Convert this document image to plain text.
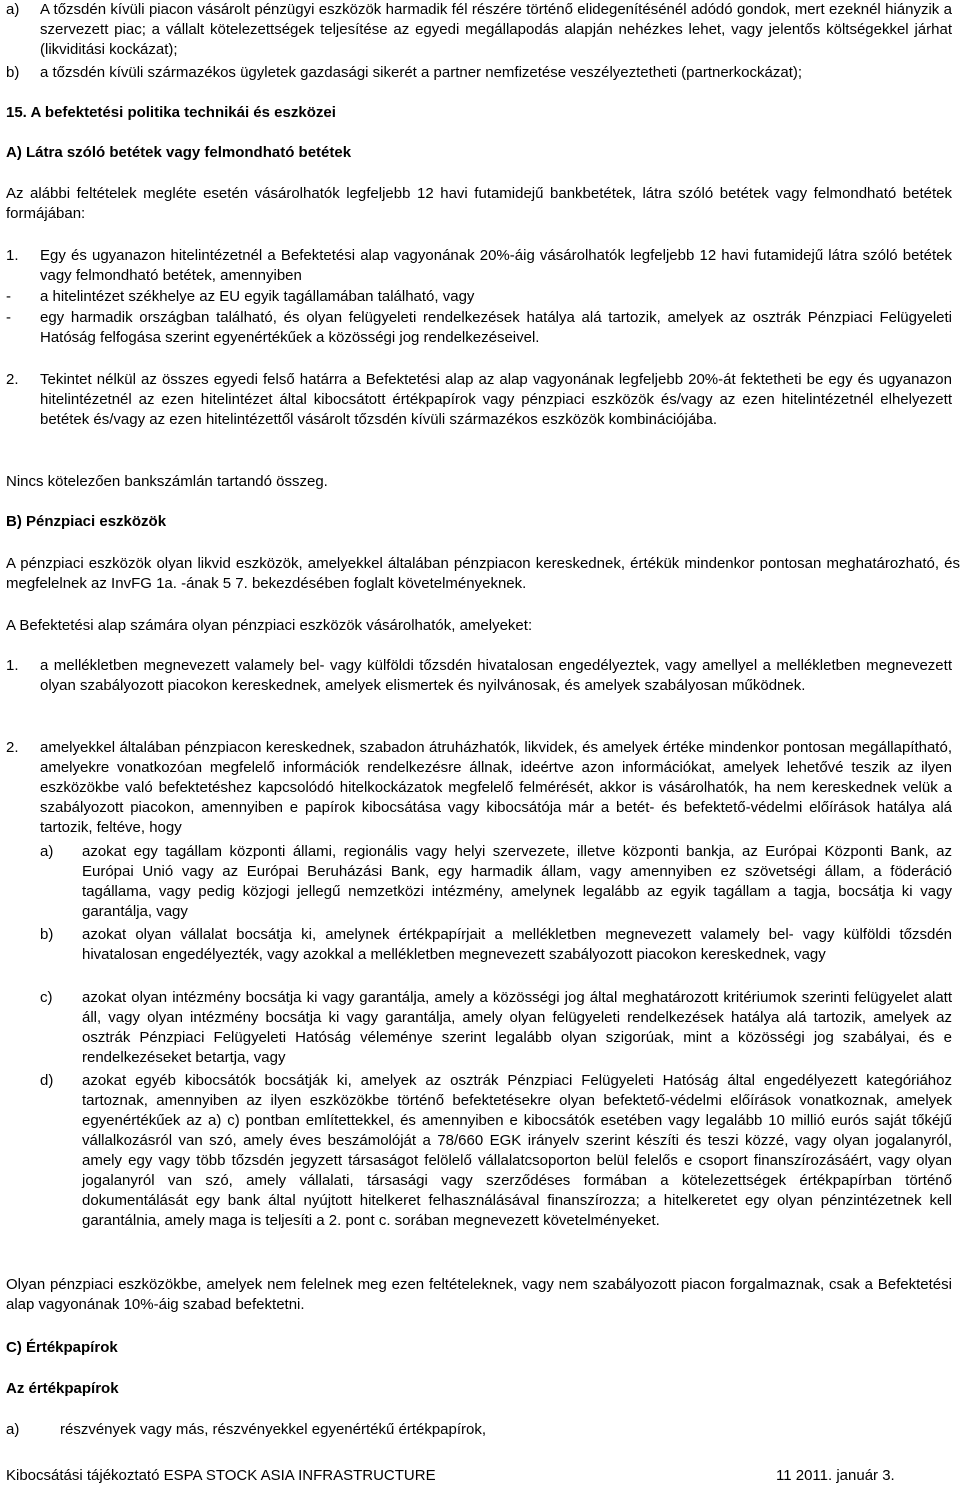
a)	A tőzsdén kívüli piacon vásárolt pénzügyi eszközök harmadik fél részére történő elidegenítésénél adódó gondok, mert ezeknél hiányzik a szervezett piac; a vállalt kötelezettségek teljesítése az egyedi megállapodás alapján nehézkes lehet, vagy jelentős költségekkel járhat (likviditási kockázat);
b)	a tőzsdén kívüli származékos ügyletek gazdasági sikerét a partner nemfizetése veszélyeztetheti (partnerkockázat);

15. A befektetési politika technikái és eszközei

A) Látra szóló betétek vagy felmondható betétek

Az alábbi feltételek megléte esetén vásárolhatók legfeljebb 12 havi futamidejű bankbetétek, látra szóló betétek vagy felmondható betétek formájában:

1.	Egy és ugyanazon hitelintézetnél a Befektetési alap vagyonának 20%-áig vásárolhatók legfeljebb 12 havi futamidejű látra szóló betétek vagy felmondható betétek, amennyiben
-	a hitelintézet székhelye az EU egyik tagállamában található, vagy
-	egy harmadik országban található, és olyan felügyeleti rendelkezések hatálya alá tartozik, amelyek az osztrák Pénzpiaci Felügyeleti Hatóság felfogása szerint egyenértékűek a közösségi jog rendelkezéseivel.
2.	Tekintet nélkül az összes egyedi felső határra a Befektetési alap az alap vagyonának legfeljebb 20%-át fektetheti be egy és ugyanazon hitelintézetnél az ezen hitelintézet által kibocsátott értékpapírok vagy pénzpiaci eszközök és/vagy az ezen hitelintézetnél elhelyezett betétek és/vagy az ezen hitelintézettől vásárolt tőzsdén kívüli származékos eszközök kombinációjába.

Nincs kötelezően bankszámlán tartandó összeg.

B) Pénzpiaci eszközök

A pénzpiaci eszközök olyan likvid eszközök, amelyekkel általában pénzpiacon kereskednek, értékük mindenkor pontosan meghatározható, és megfelelnek az InvFG 1a. -ának 5 7. bekezdésében foglalt követelményeknek.

A Befektetési alap számára olyan pénzpiaci eszközök vásárolhatók, amelyeket:

1.	a mellékletben megnevezett valamely bel- vagy külföldi tőzsdén hivatalosan engedélyeztek, vagy amellyel a mellékletben megnevezett olyan szabályozott piacokon kereskednek, amelyek elismertek és nyilvánosak, és amelyek szabályosan működnek.
2.	amelyekkel általában pénzpiacon kereskednek, szabadon átruházhatók, likvidek, és amelyek értéke mindenkor pontosan megállapítható, amelyekre vonatkozóan megfelelő információk rendelkezésre állnak, ideértve azon információkat, amelyek lehetővé teszik az ilyen eszközökbe való befektetéshez kapcsolódó hitelkockázatok megfelelő felmérését, akkor is vásárolhatók, ha nem kereskednek velük a szabályozott piacokon, amennyiben e papírok kibocsátása vagy kibocsátója már a betét- és befektető-védelmi előírások hatálya alá tartozik, feltéve, hogy
a)	azokat egy tagállam központi állami, regionális vagy helyi szervezete, illetve központi bankja, az Európai Központi Bank, az Európai Unió vagy az Európai Beruházási Bank, egy harmadik állam, vagy amennyiben ez szövetségi állam, a föderáció tagállama, vagy pedig közjogi jellegű nemzetközi intézmény, amelynek legalább az egyik tagállam a tagja, bocsátja ki vagy garantálja, vagy
b)	azokat olyan vállalat bocsátja ki, amelynek értékpapírjait a mellékletben megnevezett valamely bel- vagy külföldi tőzsdén hivatalosan engedélyezték, vagy azokkal a mellékletben megnevezett szabályozott piacokon kereskednek, vagy
c)	azokat olyan intézmény bocsátja ki vagy garantálja, amely a közösségi jog által meghatározott kritériumok szerinti felügyelet alatt áll, vagy olyan intézmény bocsátja ki vagy garantálja, amely olyan felügyeleti rendelkezések hatálya alá tartozik, amelyek az osztrák Pénzpiaci Felügyeleti Hatóság véleménye szerint legalább olyan szigorúak, mint a közösségi jog szabályai, és e rendelkezéseket betartja, vagy
d)	azokat egyéb kibocsátók bocsátják ki, amelyek az osztrák Pénzpiaci Felügyeleti Hatóság által engedélyezett kategóriához tartoznak, amennyiben az ilyen eszközökbe történő befektetésekre olyan befektető-védelmi előírások vonatkoznak, amelyek egyenértékűek az a) c) pontban említettekkel, és amennyiben e kibocsátók esetében vagy legalább 10 millió eurós saját tőkéjű vállalkozásról van szó, amely éves beszámolóját a 78/660 EGK irányelv szerint készíti és teszi közzé, vagy olyan jogalanyról, amely egy vagy több tőzsdén jegyzett társaságot felölelő vállalatcsoporton belül felelős e csoport finanszírozásáért, vagy olyan jogalanyról van szó, amely vállalati, társasági vagy szerződéses formában a kötelezettségek értékpapírban történő dokumentálását egy bank által nyújtott hitelkeret felhasználásával finanszírozza; a hitelkeretet egy olyan pénzintézetnek kell garantálnia, amely maga is teljesíti a 2. pont c. sorában megnevezett követelményeket.

Olyan pénzpiaci eszközökbe, amelyek nem felelnek meg ezen feltételeknek, vagy nem szabályozott piacon forgalmaznak, csak a Befektetési alap vagyonának 10%-áig szabad befektetni.

C) Értékpapírok

Az értékpapírok

a)	részvények vagy más, részvényekkel egyenértékű értékpapírok,
Kibocsátási tájékoztató ESPA STOCK ASIA INFRASTRUCTURE	11 2011. január 3.
